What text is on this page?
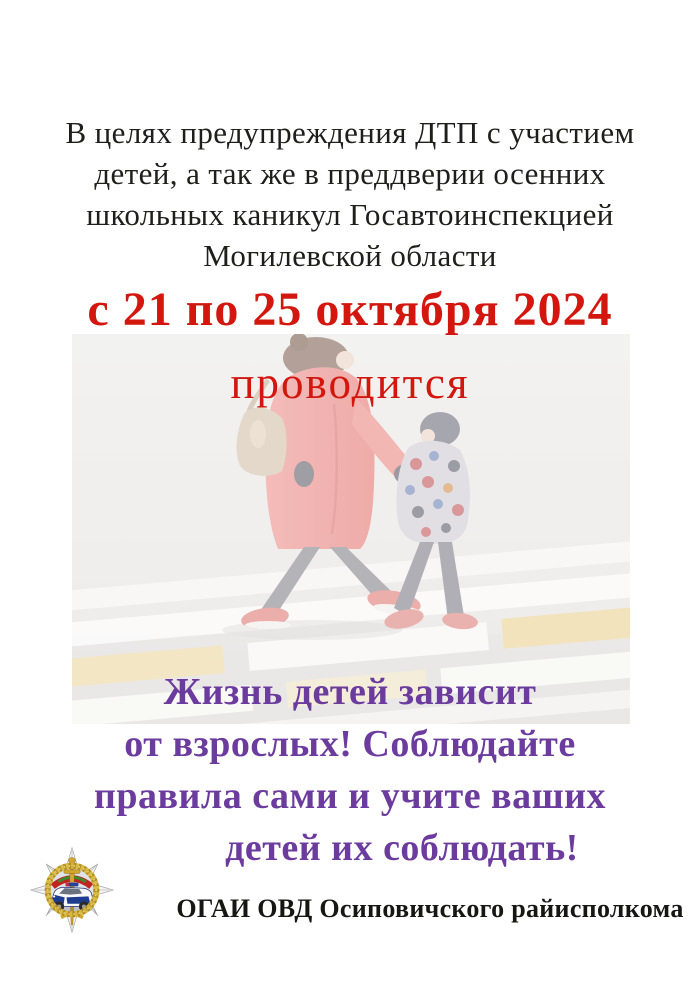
В целях предупреждения ДТП с участием
детей, а так же в преддверии осенних
школьных каникул Госавтоинспекцией
Могилевской области
с 21 по 25 октября 2024
проводится
Жизнь детей зависит
от взрослых! Соблюдайте
правила сами и учите ваших
детей их соблюдать!
ОГАИ ОВД Осиповичского райисполкома
